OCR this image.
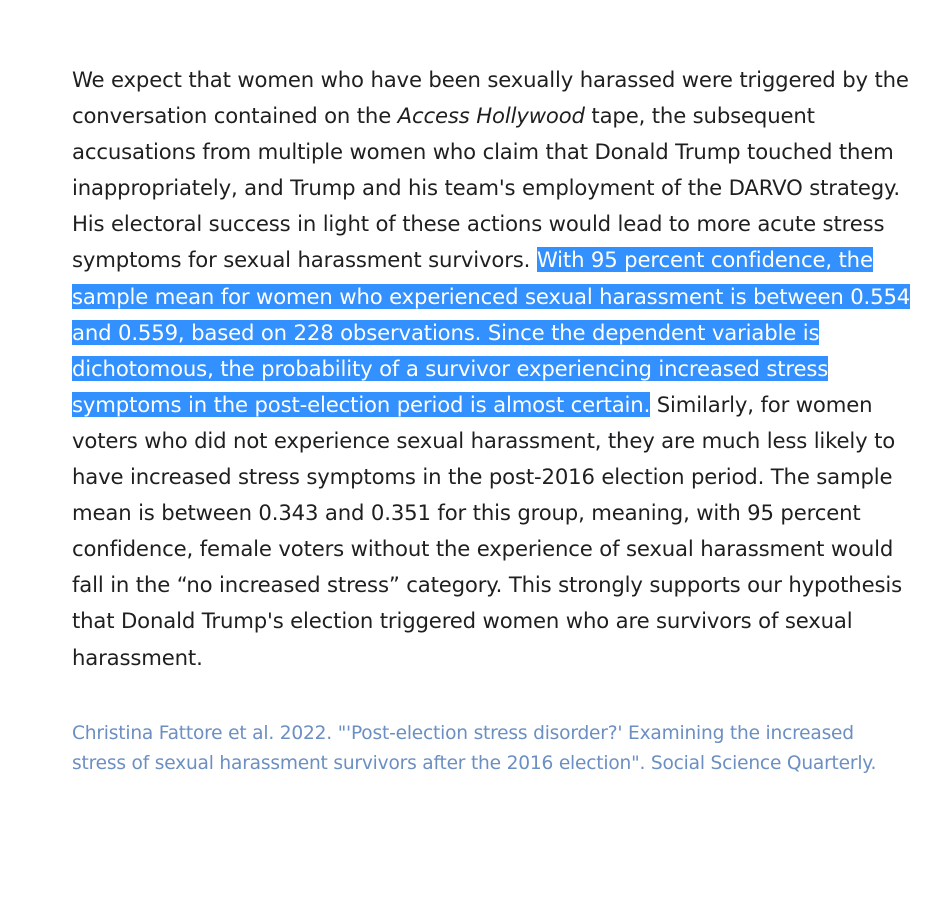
We expect that women who have been sexually harassed were triggered by the conversation contained on the Access Hollywood tape, the subsequent accusations from multiple women who claim that Donald Trump touched them inappropriately, and Trump and his team's employment of the DARVO strategy. His electoral success in light of these actions would lead to more acute stress symptoms for sexual harassment survivors. With 95 percent confidence, the sample mean for women who experienced sexual harassment is between 0.554 and 0.559, based on 228 observations. Since the dependent variable is dichotomous, the probability of a survivor experiencing increased stress symptoms in the post-election period is almost certain. Similarly, for women voters who did not experience sexual harassment, they are much less likely to have increased stress symptoms in the post-2016 election period. The sample mean is between 0.343 and 0.351 for this group, meaning, with 95 percent confidence, female voters without the experience of sexual harassment would fall in the “no increased stress” category. This strongly supports our hypothesis that Donald Trump's election triggered women who are survivors of sexual harassment.

Christina Fattore et al. 2022. "'Post-election stress disorder?' Examining the increased stress of sexual harassment survivors after the 2016 election". Social Science Quarterly.
